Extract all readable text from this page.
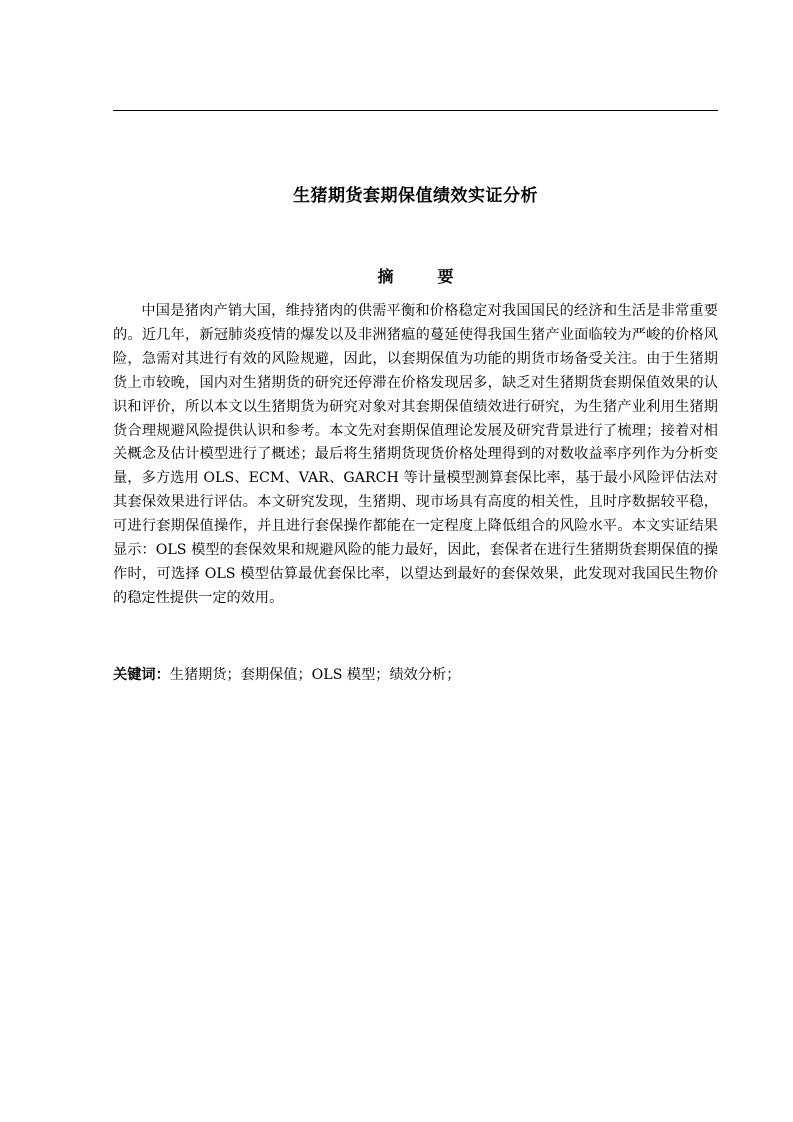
生猪期货套期保值绩效实证分析
摘　要

中国是猪肉产销大国，维持猪肉的供需平衡和价格稳定对我国国民的经济和生活是非常重要的。近几年，新冠肺炎疫情的爆发以及非洲猪瘟的蔓延使得我国生猪产业面临较为严峻的价格风险，急需对其进行有效的风险规避，因此，以套期保值为功能的期货市场备受关注。由于生猪期货上市较晚，国内对生猪期货的研究还停滞在价格发现居多，缺乏对生猪期货套期保值效果的认识和评价，所以本文以生猪期货为研究对象对其套期保值绩效进行研究，为生猪产业利用生猪期货合理规避风险提供认识和参考。本文先对套期保值理论发展及研究背景进行了梳理；接着对相关概念及估计模型进行了概述；最后将生猪期货现货价格处理得到的对数收益率序列作为分析变量，多方选用 OLS、ECM、VAR、GARCH 等计量模型测算套保比率，基于最小风险评估法对其套保效果进行评估。本文研究发现，生猪期、现市场具有高度的相关性，且时序数据较平稳，可进行套期保值操作，并且进行套保操作都能在一定程度上降低组合的风险水平。本文实证结果显示：OLS 模型的套保效果和规避风险的能力最好，因此，套保者在进行生猪期货套期保值的操作时，可选择 OLS 模型估算最优套保比率，以望达到最好的套保效果，此发现对我国民生物价的稳定性提供一定的效用。

关键词：生猪期货；套期保值；OLS 模型；绩效分析；
